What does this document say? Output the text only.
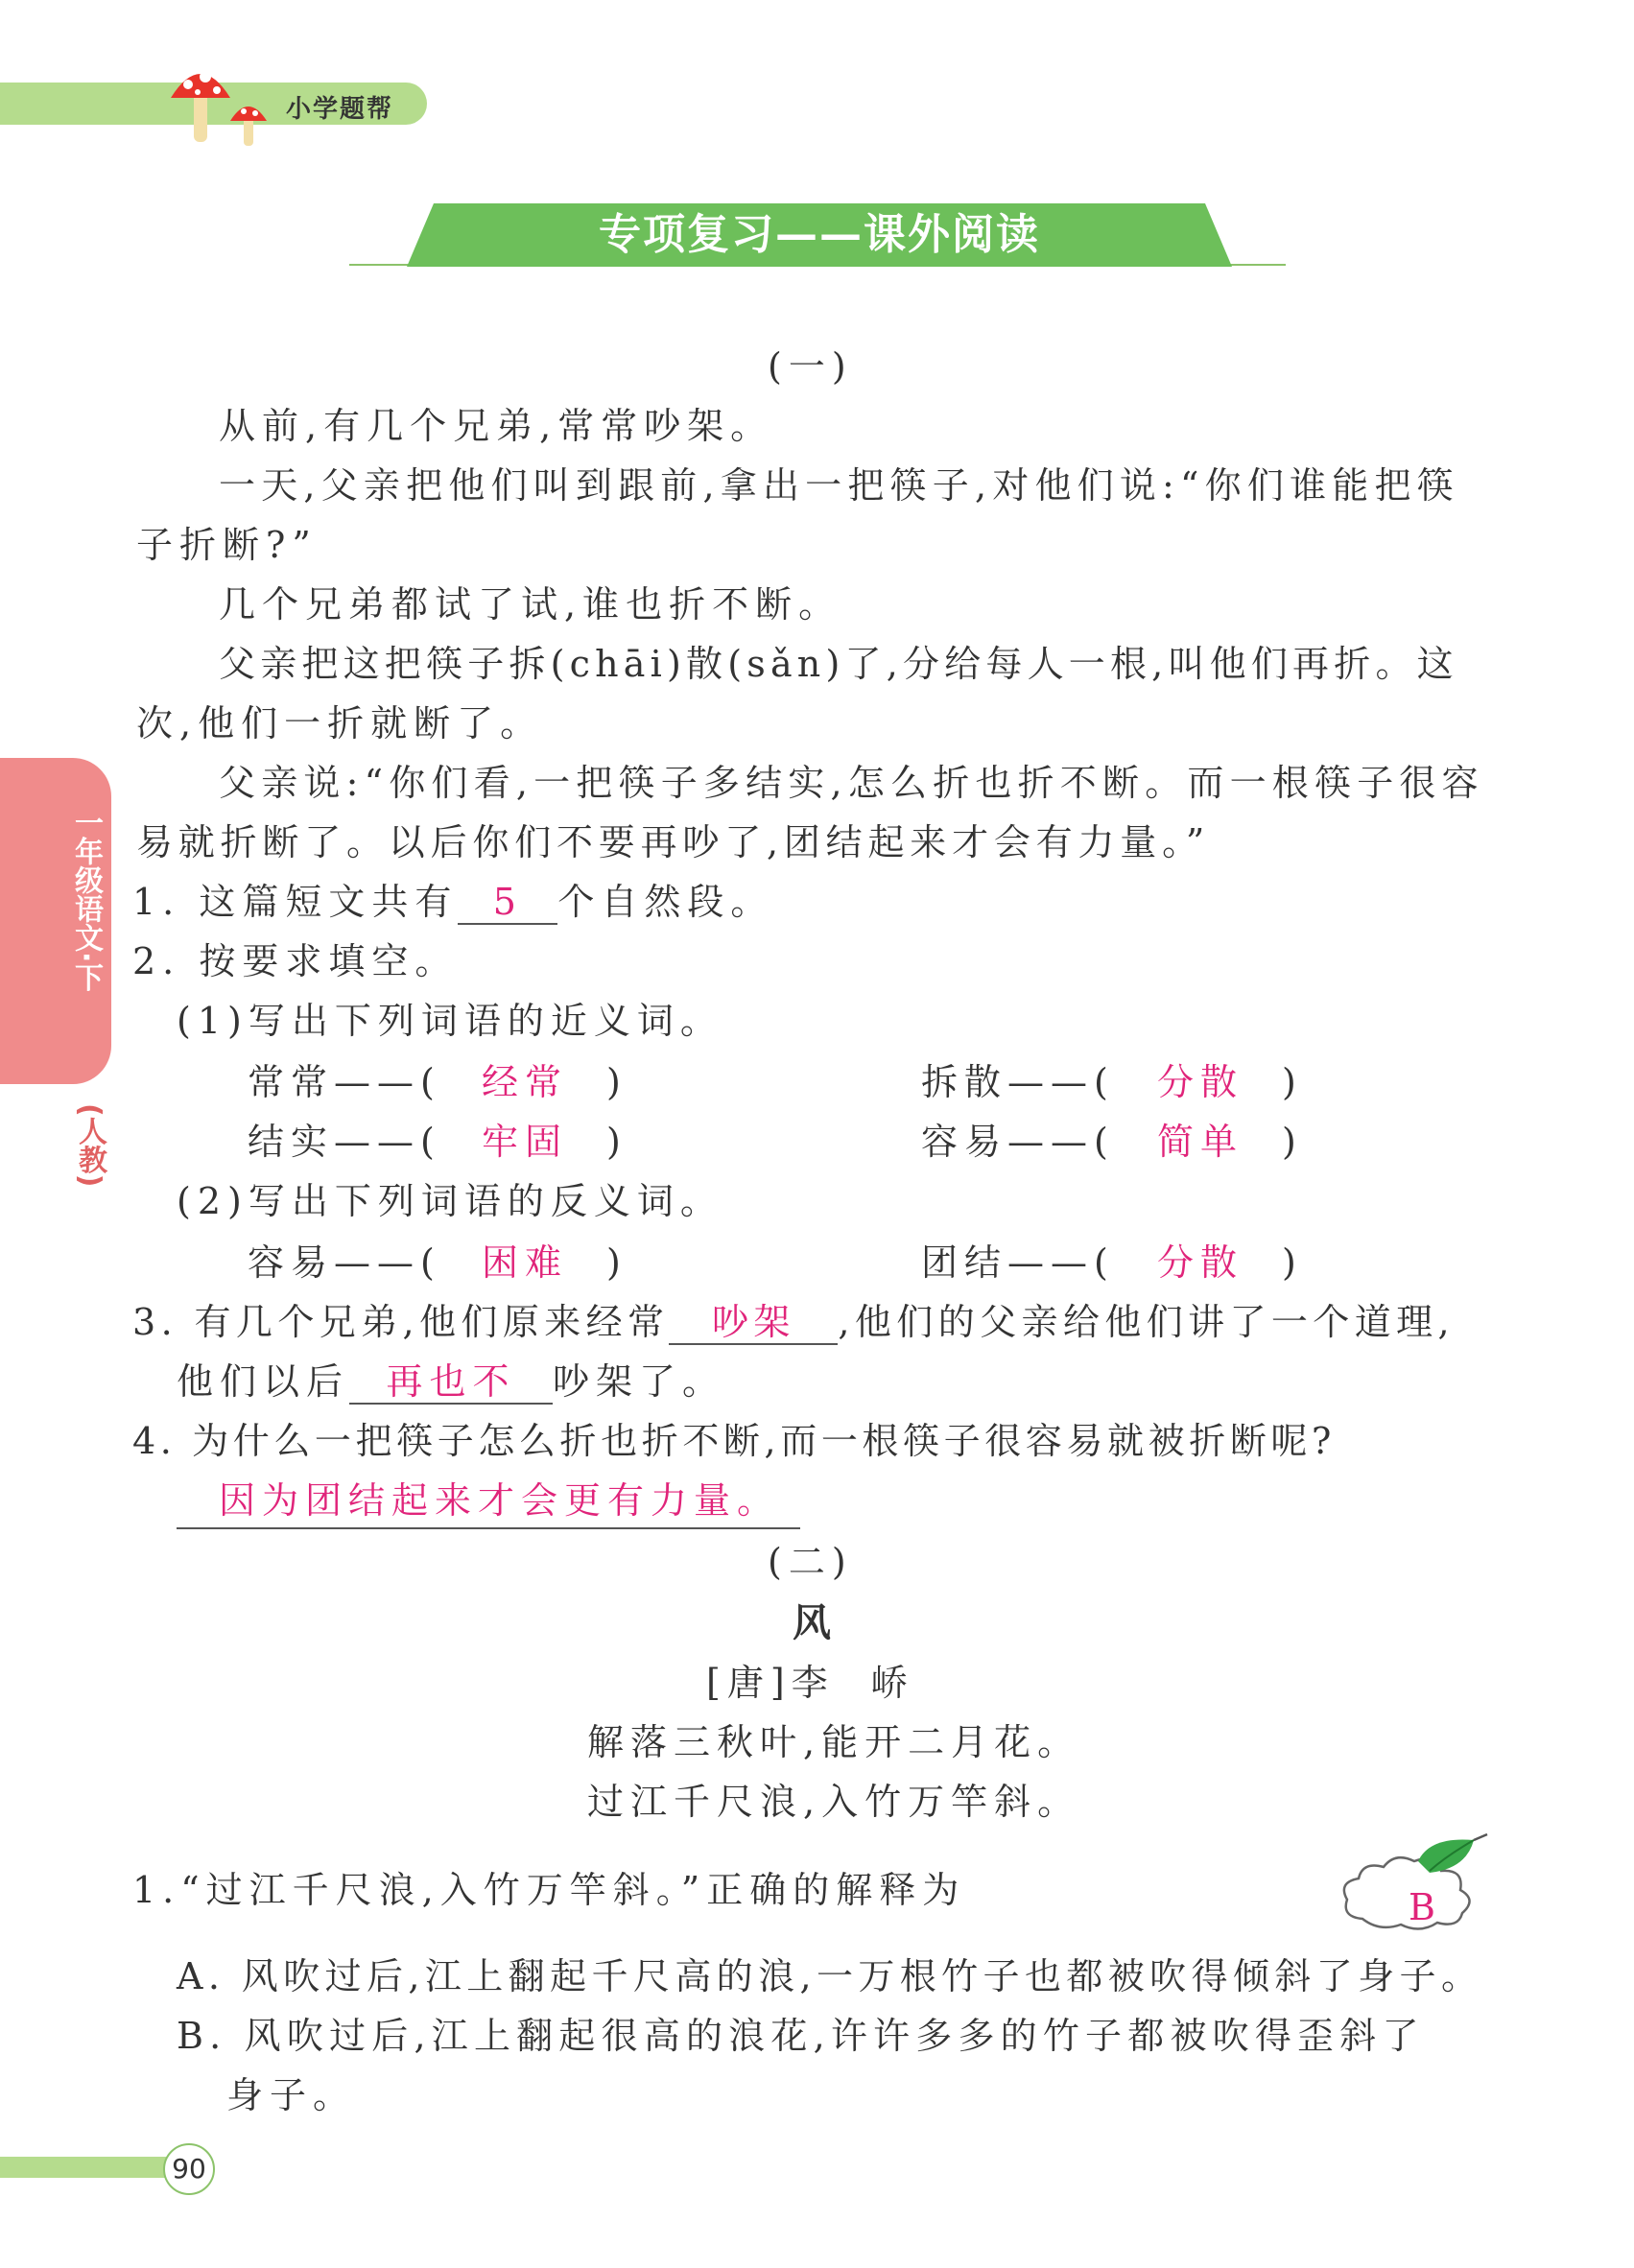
小学题帮
专项复习——课外阅读
一年级语文·下
(人教)
(一)
从前,有几个兄弟,常常吵架。
一天,父亲把他们叫到跟前,拿出一把筷子,对他们说:“你们谁能把筷
子折断?”
几个兄弟都试了试,谁也折不断。
父亲把这把筷子拆(chāi)散(sǎn)了,分给每人一根,叫他们再折。这
次,他们一折就断了。
父亲说:“你们看,一把筷子多结实,怎么折也折不断。而一根筷子很容
易就折断了。以后你们不要再吵了,团结起来才会有力量。”
1. 这篇短文共有 5 个自然段。
2. 按要求填空。
(1)写出下列词语的近义词。
常常——( 经常 )	拆散——( 分散 )
结实——( 牢固 )	容易——( 简单 )
(2)写出下列词语的反义词。
容易——( 困难 )	团结——( 分散 )
3. 有几个兄弟,他们原来经常 吵架 ,他们的父亲给他们讲了一个道理,
他们以后 再也不 吵架了。
4. 为什么一把筷子怎么折也折不断,而一根筷子很容易就被折断呢?
因为团结起来才会更有力量。
(二)
风
[唐]李  峤
解落三秋叶,能开二月花。
过江千尺浪,入竹万竿斜。
1.“过江千尺浪,入竹万竿斜。”正确的解释为	B
A. 风吹过后,江上翻起千尺高的浪,一万根竹子也都被吹得倾斜了身子。
B. 风吹过后,江上翻起很高的浪花,许许多多的竹子都被吹得歪斜了
身子。
90
